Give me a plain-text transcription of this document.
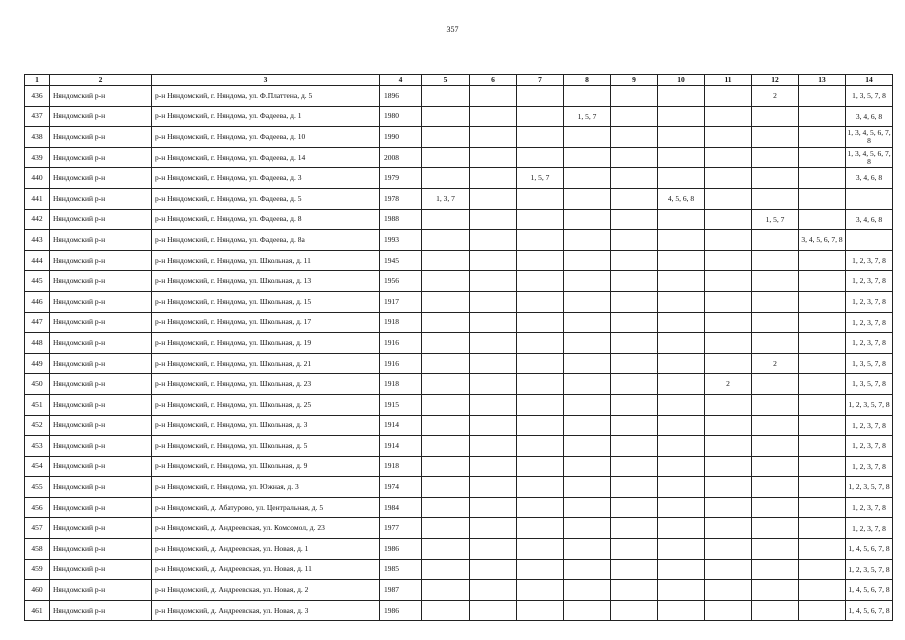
357
1	2	3	4	5	6	7	8	9	10	11	12	13	14
436	Няндомский р-н	р-н Няндомский, г. Няндома, ул. Ф.Платтена, д. 5	1896								2		1, 3, 5, 7, 8
437	Няндомский р-н	р-н Няндомский, г. Няндома, ул. Фадеева, д. 1	1980				1, 5, 7						3, 4, 6, 8
438	Няндомский р-н	р-н Няндомский, г. Няндома, ул. Фадеева, д. 10	1990										1, 3, 4, 5, 6, 7, 8
439	Няндомский р-н	р-н Няндомский, г. Няндома, ул. Фадеева, д. 14	2008										1, 3, 4, 5, 6, 7, 8
440	Няндомский р-н	р-н Няндомский, г. Няндома, ул. Фадеева, д. 3	1979			1, 5, 7							3, 4, 6, 8
441	Няндомский р-н	р-н Няндомский, г. Няндома, ул. Фадеева, д. 5	1978	1, 3, 7					4, 5, 6, 8				
442	Няндомский р-н	р-н Няндомский, г. Няндома, ул. Фадеева, д. 8	1988								1, 5, 7		3, 4, 6, 8
443	Няндомский р-н	р-н Няндомский, г. Няндома, ул. Фадеева, д. 8а	1993									3, 4, 5, 6, 7, 8	
444	Няндомский р-н	р-н Няндомский, г. Няндома, ул. Школьная, д. 11	1945										1, 2, 3, 7, 8
445	Няндомский р-н	р-н Няндомский, г. Няндома, ул. Школьная, д. 13	1956										1, 2, 3, 7, 8
446	Няндомский р-н	р-н Няндомский, г. Няндома, ул. Школьная, д. 15	1917										1, 2, 3, 7, 8
447	Няндомский р-н	р-н Няндомский, г. Няндома, ул. Школьная, д. 17	1918										1, 2, 3, 7, 8
448	Няндомский р-н	р-н Няндомский, г. Няндома, ул. Школьная, д. 19	1916										1, 2, 3, 7, 8
449	Няндомский р-н	р-н Няндомский, г. Няндома, ул. Школьная, д. 21	1916								2		1, 3, 5, 7, 8
450	Няндомский р-н	р-н Няндомский, г. Няндома, ул. Школьная, д. 23	1918							2			1, 3, 5, 7, 8
451	Няндомский р-н	р-н Няндомский, г. Няндома, ул. Школьная, д. 25	1915										1, 2, 3, 5, 7, 8
452	Няндомский р-н	р-н Няндомский, г. Няндома, ул. Школьная, д. 3	1914										1, 2, 3, 7, 8
453	Няндомский р-н	р-н Няндомский, г. Няндома, ул. Школьная, д. 5	1914										1, 2, 3, 7, 8
454	Няндомский р-н	р-н Няндомский, г. Няндома, ул. Школьная, д. 9	1918										1, 2, 3, 7, 8
455	Няндомский р-н	р-н Няндомский, г. Няндома, ул. Южная, д. 3	1974										1, 2, 3, 5, 7, 8
456	Няндомский р-н	р-н Няндомский, д. Абатурово, ул. Центральная, д. 5	1984										1, 2, 3, 7, 8
457	Няндомский р-н	р-н Няндомский, д. Андреевская, ул. Комсомол, д. 23	1977										1, 2, 3, 7, 8
458	Няндомский р-н	р-н Няндомский, д. Андреевская, ул. Новая, д. 1	1986										1, 4, 5, 6, 7, 8
459	Няндомский р-н	р-н Няндомский, д. Андреевская, ул. Новая, д. 11	1985										1, 2, 3, 5, 7, 8
460	Няндомский р-н	р-н Няндомский, д. Андреевская, ул. Новая, д. 2	1987										1, 4, 5, 6, 7, 8
461	Няндомский р-н	р-н Няндомский, д. Андреевская, ул. Новая, д. 3	1986										1, 4, 5, 6, 7, 8
